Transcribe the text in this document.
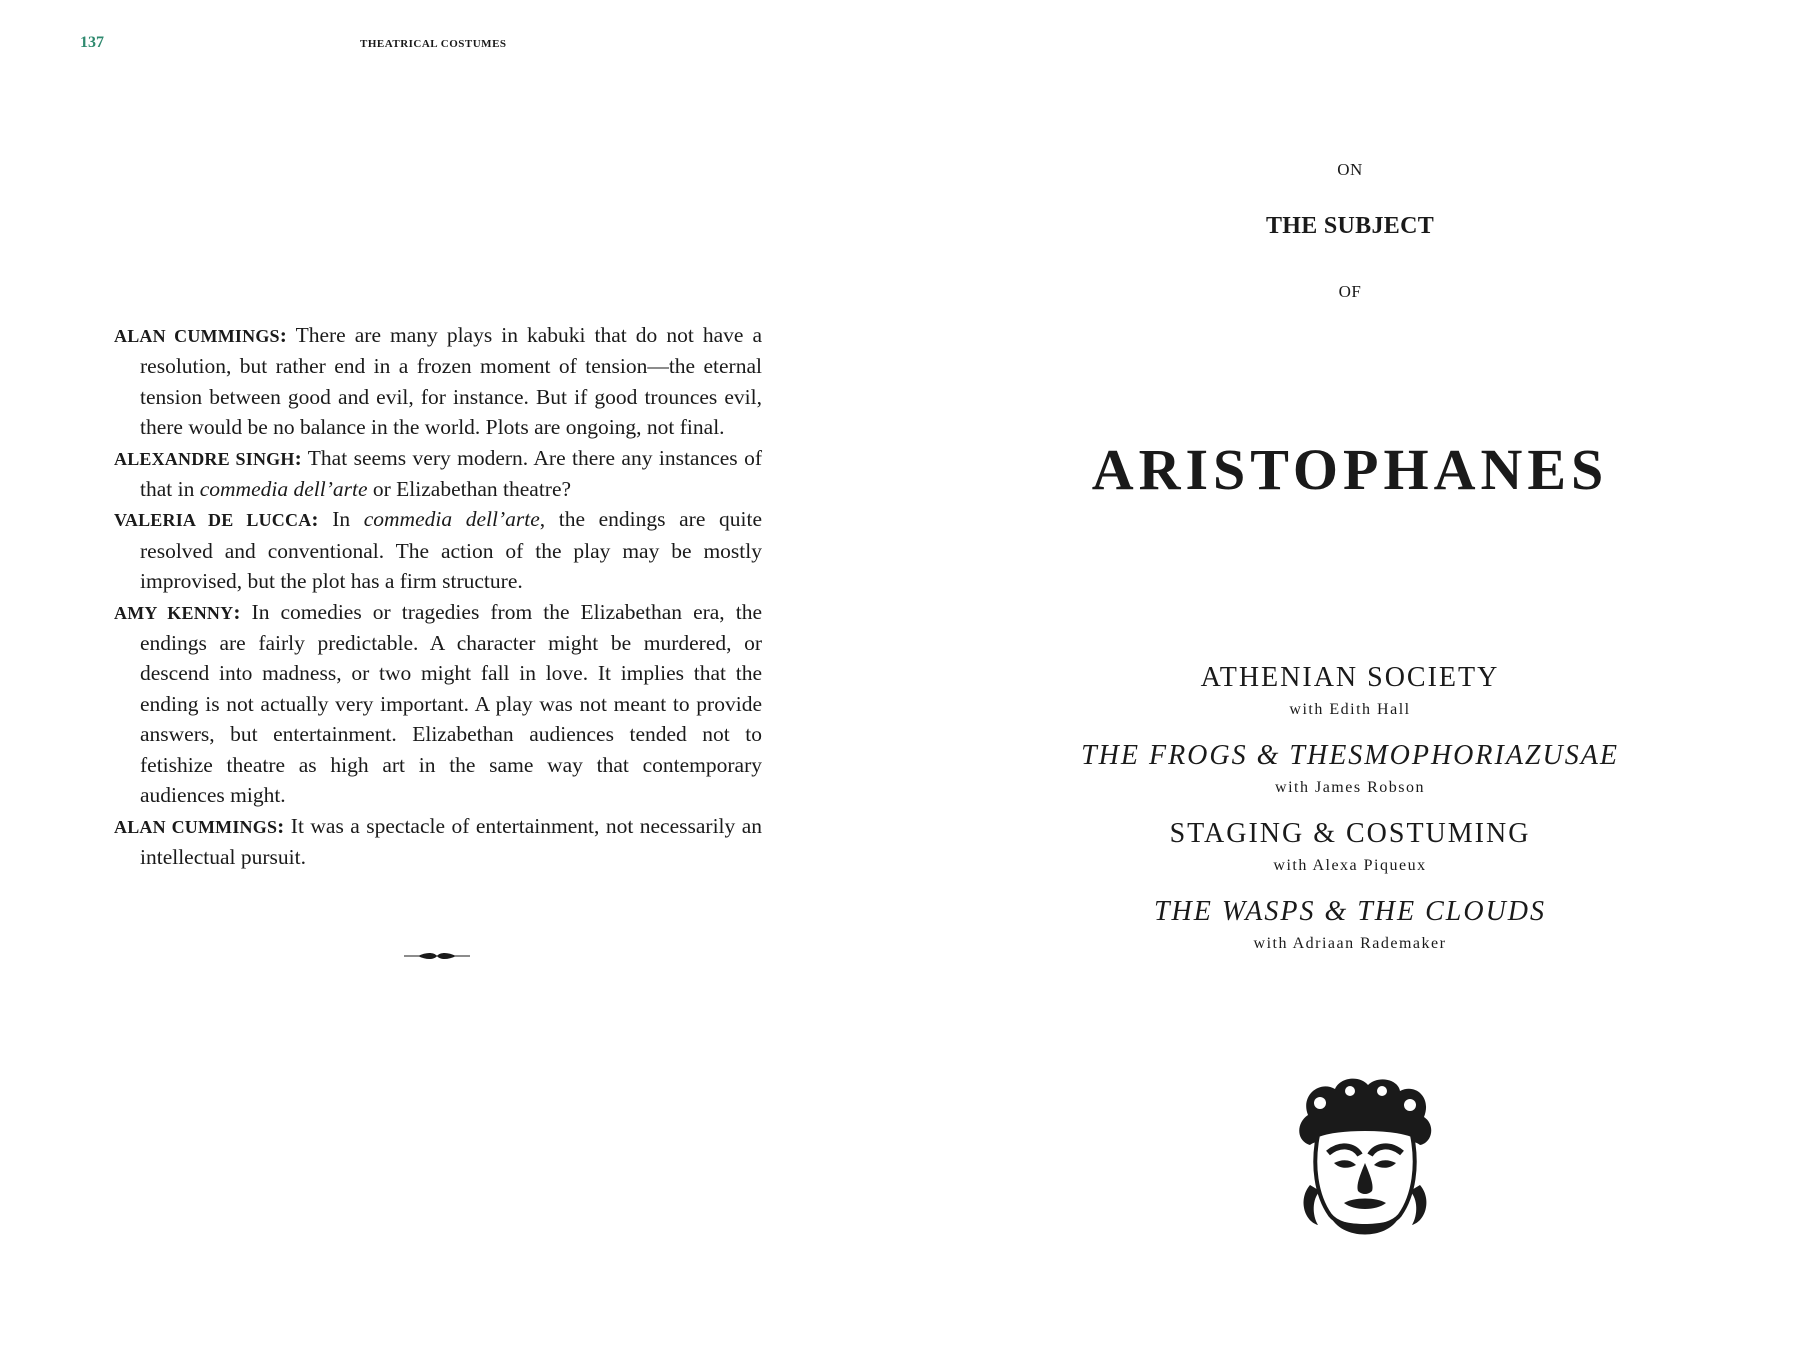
137	THEATRICAL COSTUMES

ALAN CUMMINGS: There are many plays in kabuki that do not have a resolution, but rather end in a frozen moment of tension—the eternal tension between good and evil, for instance. But if good trounces evil, there would be no balance in the world. Plots are ongoing, not final.

ALEXANDRE SINGH: That seems very modern. Are there any instances of that in commedia dell’arte or Elizabethan theatre?

VALERIA DE LUCCA: In commedia dell’arte, the endings are quite resolved and conventional. The action of the play may be mostly improvised, but the plot has a firm structure.

AMY KENNY: In comedies or tragedies from the Elizabethan era, the endings are fairly predictable. A character might be murdered, or descend into madness, or two might fall in love. It implies that the ending is not actually very important. A play was not meant to provide answers, but entertainment. Elizabethan audiences tended not to fetishize theatre as high art in the same way that contemporary audiences might.

ALAN CUMMINGS: It was a spectacle of entertainment, not necessarily an intellectual pursuit.

ON
THE SUBJECT
OF
ARISTOPHANES
ATHENIAN SOCIETY
with Edith Hall
THE FROGS & THESMOPHORIAZUSAE
with James Robson
STAGING & COSTUMING
with Alexa Piqueux
THE WASPS & THE CLOUDS
with Adriaan Rademaker
